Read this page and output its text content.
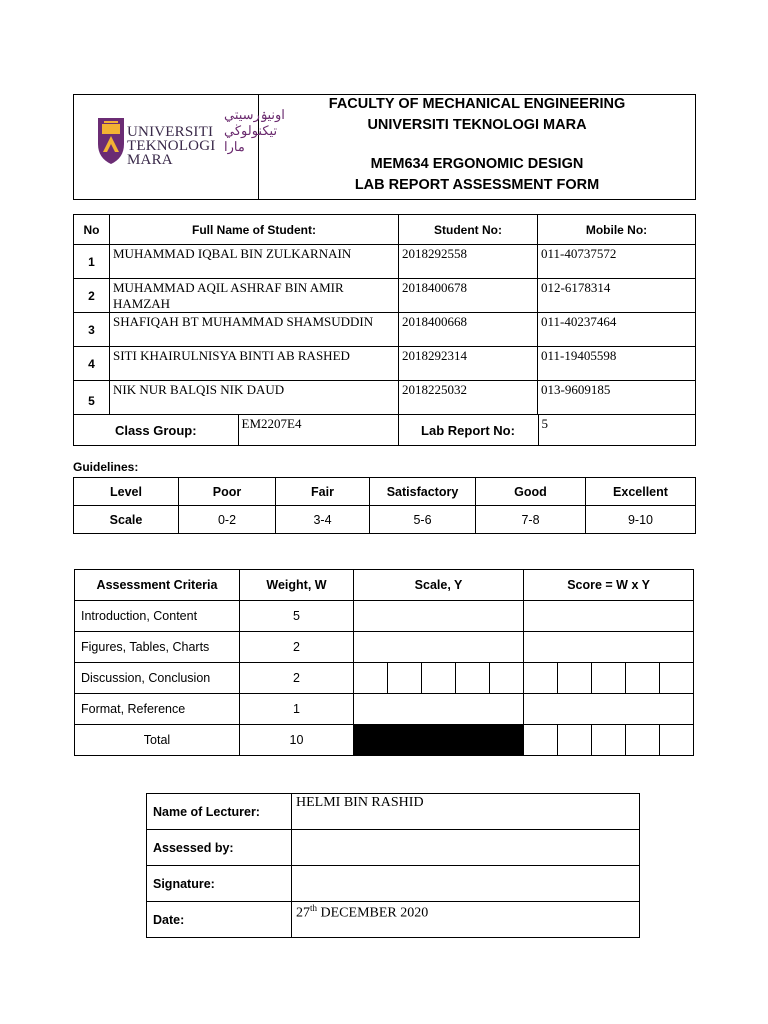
اونيۏرسيتي تيکنولوڬي مارا
UNIVERSITI
TEKNOLOGI
MARA

FACULTY OF MECHANICAL ENGINEERING
UNIVERSITI TEKNOLOGI MARA
MEM634 ERGONOMIC DESIGN
LAB REPORT ASSESSMENT FORM
No	Full Name of Student:	Student No:	Mobile No:
1	MUHAMMAD IQBAL BIN ZULKARNAIN	2018292558	011-40737572
2	MUHAMMAD AQIL ASHRAF BIN AMIR HAMZAH	2018400678	012-6178314
3	SHAFIQAH BT MUHAMMAD SHAMSUDDIN	2018400668	011-40237464
4	SITI KHAIRULNISYA BINTI AB RASHED	2018292314	011-19405598
5	NIK NUR BALQIS NIK DAUD	2018225032	013-9609185

Class Group:	EM2207E4	Lab Report No:	5
Guidelines:
Level	Poor	Fair	Satisfactory	Good	Excellent
Scale	0-2	3-4	5-6	7-8	9-10
Assessment Criteria	Weight, W	Scale, Y					Score = W x Y				
Introduction, Content	5										
Figures, Tables, Charts	2										
Discussion, Conclusion	2										
Format, Reference	1										
Total	10										
Name of Lecturer:	HELMI BIN RASHID
Assessed by:	
Signature:	
Date:	27th DECEMBER 2020
